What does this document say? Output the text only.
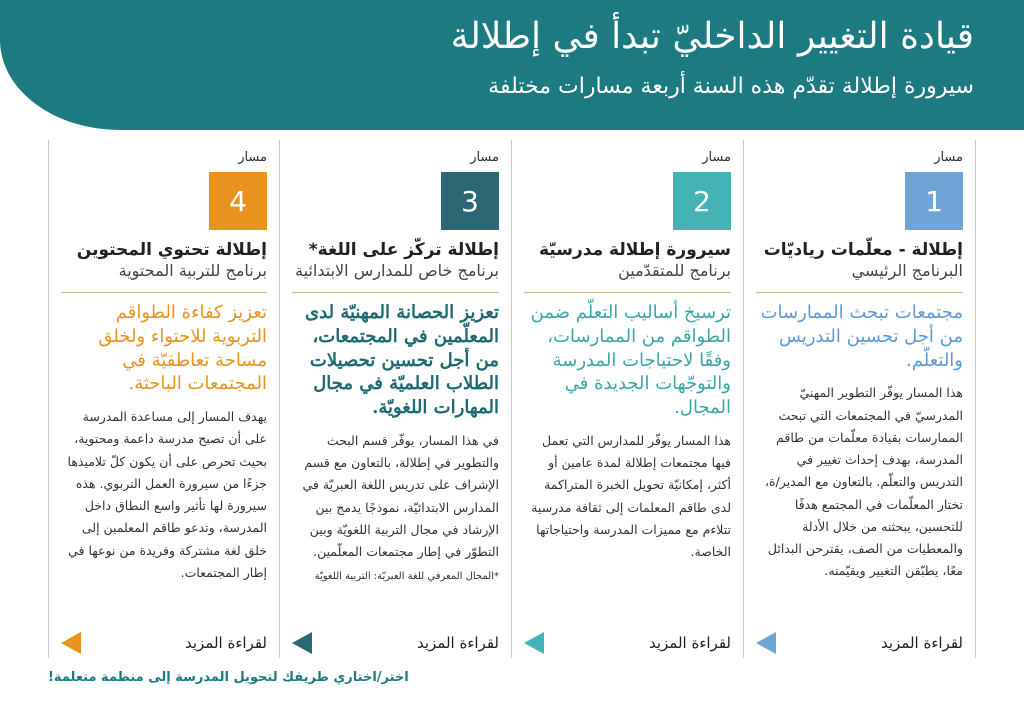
قيادة التغيير الداخليّ تبدأ في إطلالة
سيرورة إطلالة تقدّم هذه السنة أربعة مسارات مختلفة
مسار
1
إطلالة - معلّمات رياديّات
البرنامج الرئيسي
مجتمعات تبحث الممارسات من أجل تحسين التدريس والتعلّم.
هذا المسار يوفّر التطوير المهنيّ المدرسيّ في المجتمعات التي تبحث الممارسات بقيادة معلّمات من طاقم المدرسة، بهدف إحداث تغيير في التدريس والتعلّم. بالتعاون مع المدير/ة، تختار المعلّمات في المجتمع هدفًا للتحسين، يبحثنه من خلال الأدلة والمعطيات من الصف، يقترحن البدائل معًا، يطبّقن التغيير ويقيّمنه.
لقراءة المزيد
مسار
2
سيرورة إطلالة مدرسيّة
برنامج للمتقدّمين
ترسيخ أساليب التعلّم ضمن الطواقم من الممارسات، وفقًا لاحتياجات المدرسة والتوجّهات الجديدة في المجال.
هذا المسار يوفّر للمدارس التي تعمل فيها مجتمعات إطلالة لمدة عامين أو أكثر، إمكانيّة تحويل الخبرة المتراكمة لدى طاقم المعلمات إلى ثقافة مدرسية تتلاءم مع مميزات المدرسة واحتياجاتها الخاصة.
لقراءة المزيد
مسار
3
إطلالة تركّز على اللغة*
برنامج خاص للمدارس الابتدائية
تعزيز الحصانة المهنيّة لدى المعلّمين في المجتمعات، من أجل تحسين تحصيلات الطلاب العلميّة في مجال المهارات اللغويّة.
في هذا المسار، يوفّر قسم البحث والتطوير في إطلالة، بالتعاون مع قسم الإشراف على تدريس اللغة العبريّة في المدارس الابتدائيّة، نموذجًا يدمج بين الإرشاد في مجال التربية اللغويّة وبين التطوّر في إطار مجتمعات المعلّمين.
*المجال المعرفي للغة العبريّة: التربية اللغويّة
لقراءة المزيد
مسار
4
إطلالة تحتوي المحتوين
برنامج للتربية المحتوية
تعزيز كفاءة الطواقم التربوية للاحتواء ولخلق مساحة تعاطفيّة في المجتمعات الباحثة.
يهدف المسار إلى مساعدة المدرسة على أن تصبح مدرسة داعمة ومحتوية، بحيث تحرص على أن يكون كلّ تلاميذها جزءًا من سيرورة العمل التربوي. هذه سيرورة لها تأثير واسع النطاق داخل المدرسة، وتدعو طاقم المعلمين إلى خلق لغة مشتركة وفريدة من نوعها في إطار المجتمعات.
لقراءة المزيد
اختر/اختاري طريقك لتحويل المدرسة إلى منظمة متعلمة!
